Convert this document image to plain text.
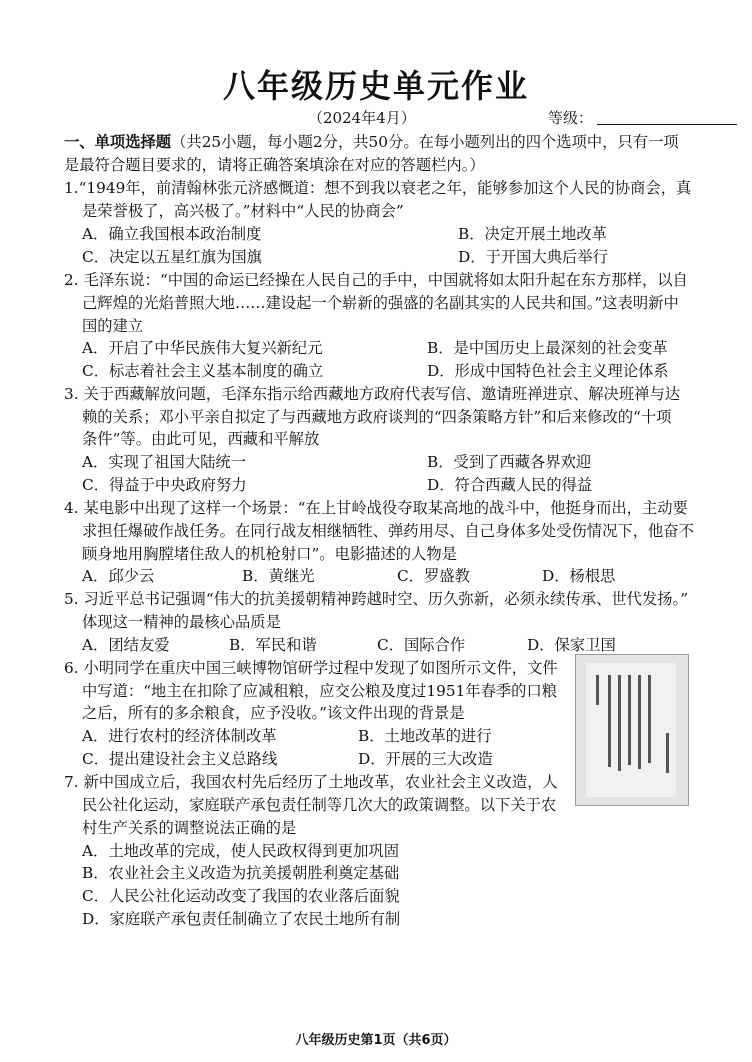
八年级历史单元作业
（2024年4月）	等级：
一、单项选择题（共25小题，每小题2分，共50分。在每小题列出的四个选项中，只有一项
是最符合题目要求的，请将正确答案填涂在对应的答题栏内。）
1.“1949年，前清翰林张元济感慨道：想不到我以衰老之年，能够参加这个人民的协商会，真
是荣誉极了，高兴极了。”材料中“人民的协商会”
A．确立我国根本政治制度	B．决定开展土地改革
C．决定以五星红旗为国旗	D．于开国大典后举行
2. 毛泽东说：“中国的命运已经操在人民自己的手中，中国就将如太阳升起在东方那样，以自
己辉煌的光焰普照大地……建设起一个崭新的强盛的名副其实的人民共和国。”这表明新中
国的建立
A．开启了中华民族伟大复兴新纪元	B．是中国历史上最深刻的社会变革
C．标志着社会主义基本制度的确立	D．形成中国特色社会主义理论体系
3. 关于西藏解放问题，毛泽东指示给西藏地方政府代表写信、邀请班禅进京、解决班禅与达
赖的关系；邓小平亲自拟定了与西藏地方政府谈判的“四条策略方针”和后来修改的“十项
条件”等。由此可见，西藏和平解放
A．实现了祖国大陆统一	B．受到了西藏各界欢迎
C．得益于中央政府努力	D．符合西藏人民的得益
4. 某电影中出现了这样一个场景：“在上甘岭战役夺取某高地的战斗中，他挺身而出，主动要
求担任爆破作战任务。在同行战友相继牺牲、弹药用尽、自己身体多处受伤情况下，他奋不
顾身地用胸膛堵住敌人的机枪射口”。电影描述的人物是
A．邱少云	B．黄继光	C．罗盛教	D．杨根思
5. 习近平总书记强调“伟大的抗美援朝精神跨越时空、历久弥新，必须永续传承、世代发扬。”
体现这一精神的最核心品质是
A．团结友爱	B．军民和谐	C．国际合作	D．保家卫国
6. 小明同学在重庆中国三峡博物馆研学过程中发现了如图所示文件，文件
中写道：“地主在扣除了应减租粮，应交公粮及度过1951年春季的口粮
之后，所有的多余粮食，应予没收。”该文件出现的背景是
A．进行农村的经济体制改革	B．土地改革的进行
C．提出建设社会主义总路线	D．开展的三大改造
7. 新中国成立后，我国农村先后经历了土地改革，农业社会主义改造，人
民公社化运动，家庭联产承包责任制等几次大的政策调整。以下关于农
村生产关系的调整说法正确的是
A．土地改革的完成，使人民政权得到更加巩固
B．农业社会主义改造为抗美援朝胜利奠定基础
C．人民公社化运动改变了我国的农业落后面貌
D．家庭联产承包责任制确立了农民土地所有制
八年级历史第1页（共6页）
